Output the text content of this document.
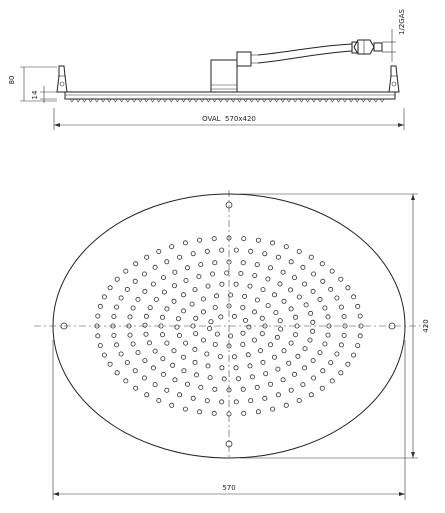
80
14
1/2GAS
OVAL  570x420
570
420
